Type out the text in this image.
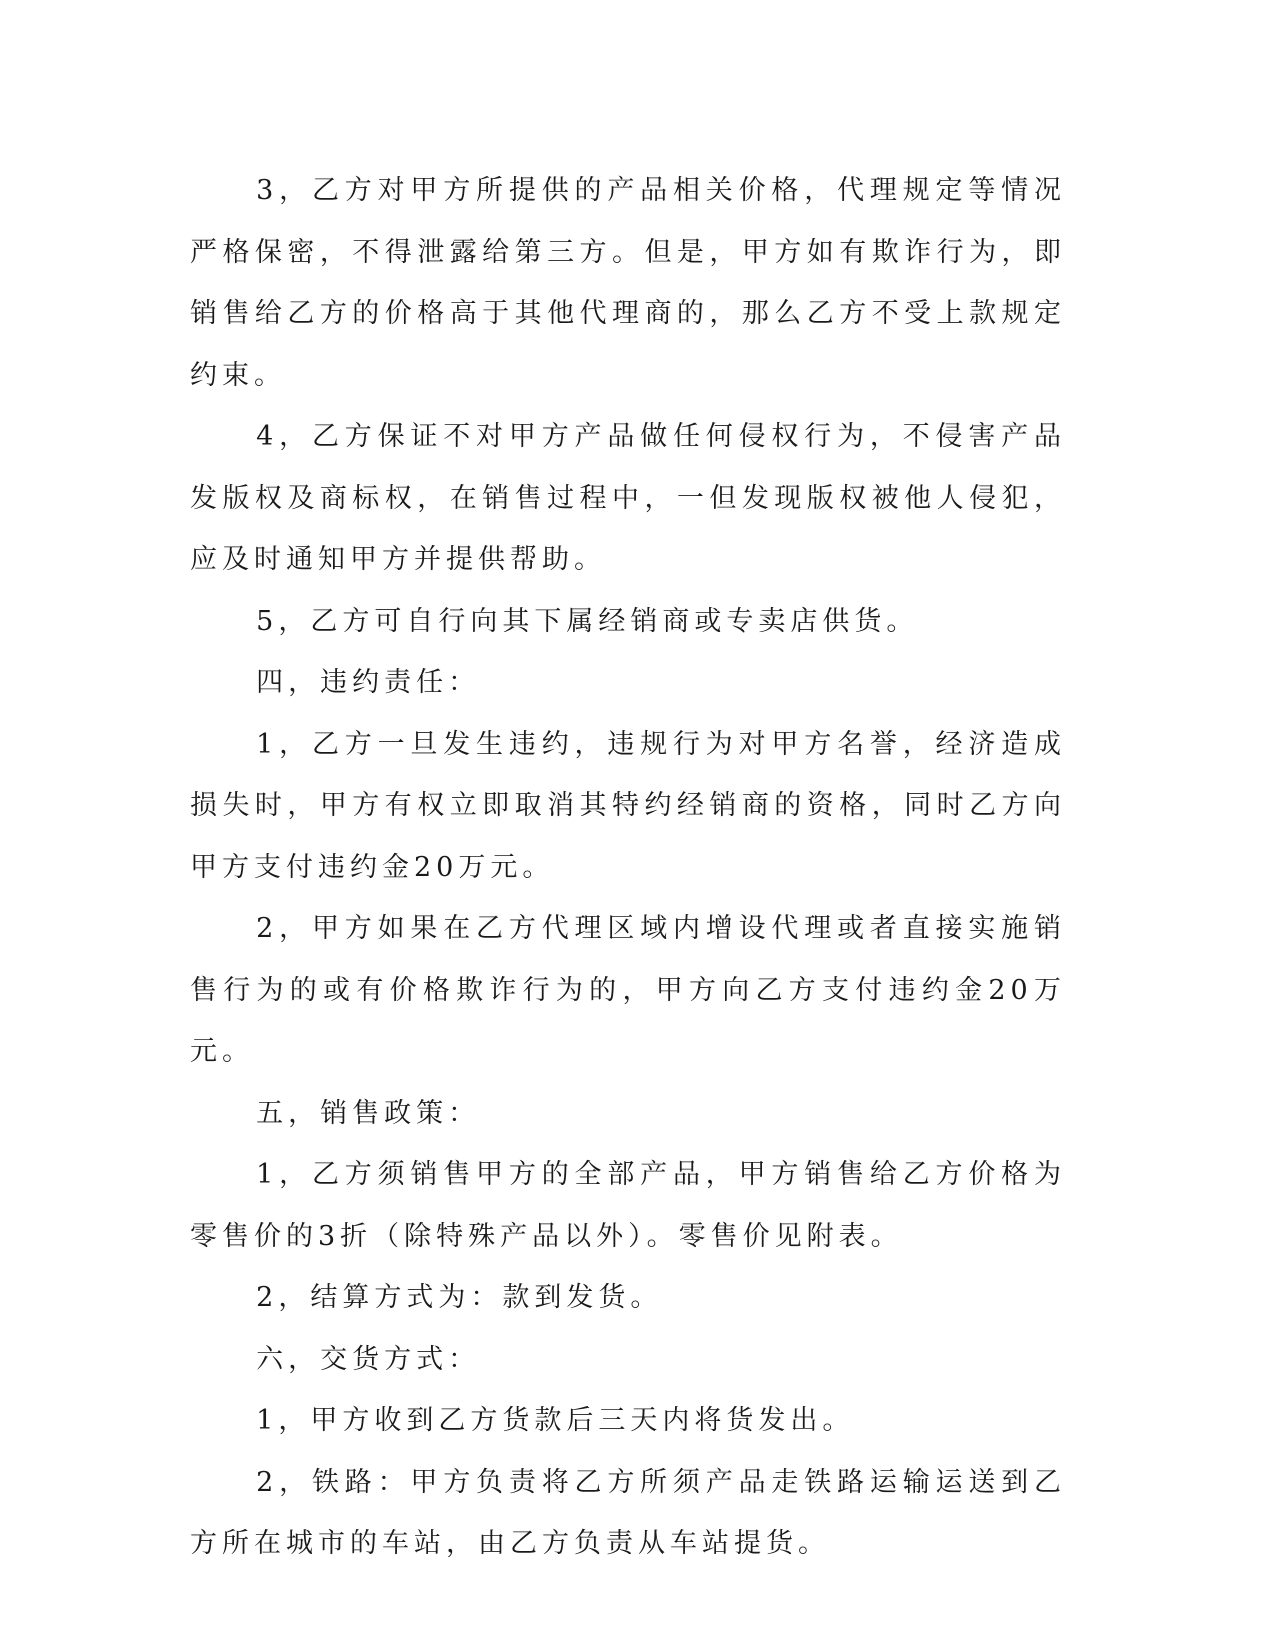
3，乙方对甲方所提供的产品相关价格，代理规定等情况严格保密，不得泄露给第三方。但是，甲方如有欺诈行为，即销售给乙方的价格高于其他代理商的，那么乙方不受上款规定约束。

4，乙方保证不对甲方产品做任何侵权行为，不侵害产品发版权及商标权，在销售过程中，一但发现版权被他人侵犯，应及时通知甲方并提供帮助。

5，乙方可自行向其下属经销商或专卖店供货。

四，违约责任：

1，乙方一旦发生违约，违规行为对甲方名誉，经济造成损失时，甲方有权立即取消其特约经销商的资格，同时乙方向甲方支付违约金20万元。

2，甲方如果在乙方代理区域内增设代理或者直接实施销售行为的或有价格欺诈行为的，甲方向乙方支付违约金20万元。

五，销售政策：

1，乙方须销售甲方的全部产品，甲方销售给乙方价格为零售价的3折（除特殊产品以外）。零售价见附表。

2，结算方式为：款到发货。

六，交货方式：

1，甲方收到乙方货款后三天内将货发出。

2，铁路：甲方负责将乙方所须产品走铁路运输运送到乙方所在城市的车站，由乙方负责从车站提货。
